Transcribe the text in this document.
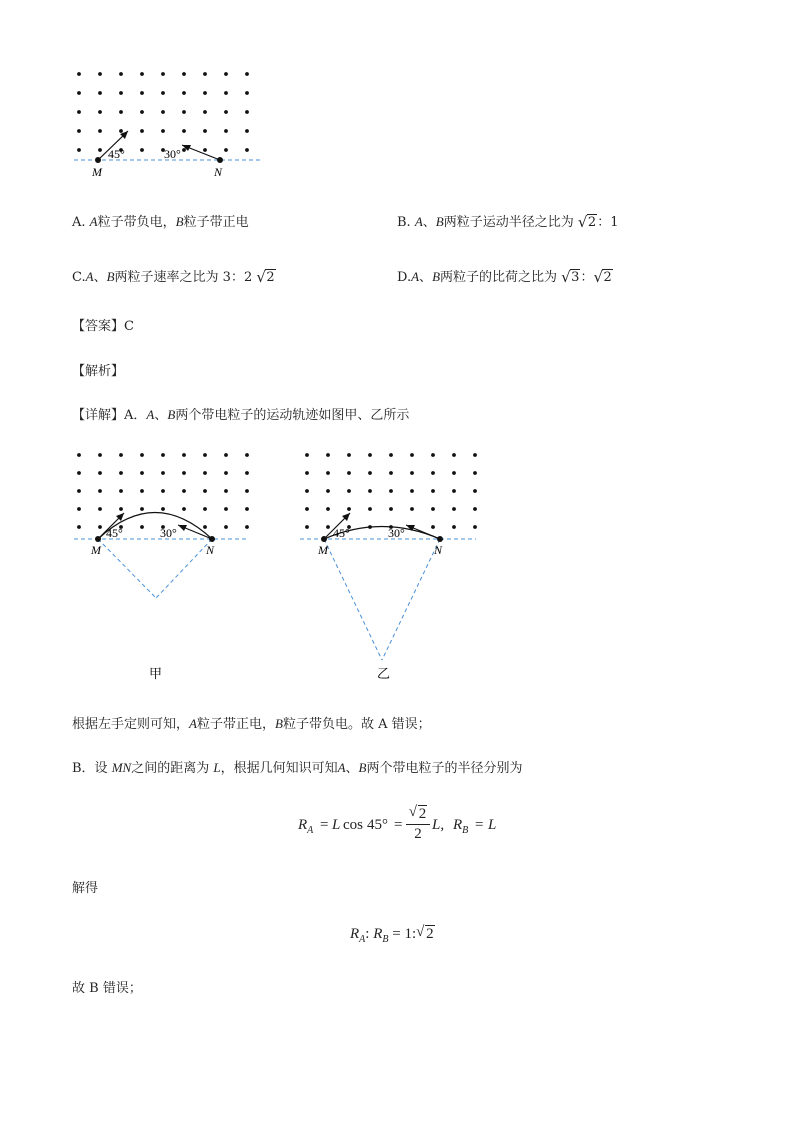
45°	30°
M	N
A. A粒子带负电，B粒子带正电	B. A、B两粒子运动半径之比为 √ 2：1
C.A、B两粒子速率之比为 3：2 √ 2	D.A、B两粒子的比荷之比为 √ 3： √ 2
【答案】C
【解析】
【详解】A．A、B两个带电粒子的运动轨迹如图甲、乙所示
45°	30°
M	N
甲
45°	30°
M	N
乙
根据左手定则可知，A粒子带正电，B粒子带负电。故 A 错误；
B．设 MN之间的距离为 L，根据几何知识可知A、B两个带电粒子的半径分别为
$R_A = L$ cos 45° =
√ 2
2
L, $R_B = L$
解得
$R_A$: $R_B = 1$: √ 2
故 B 错误；
